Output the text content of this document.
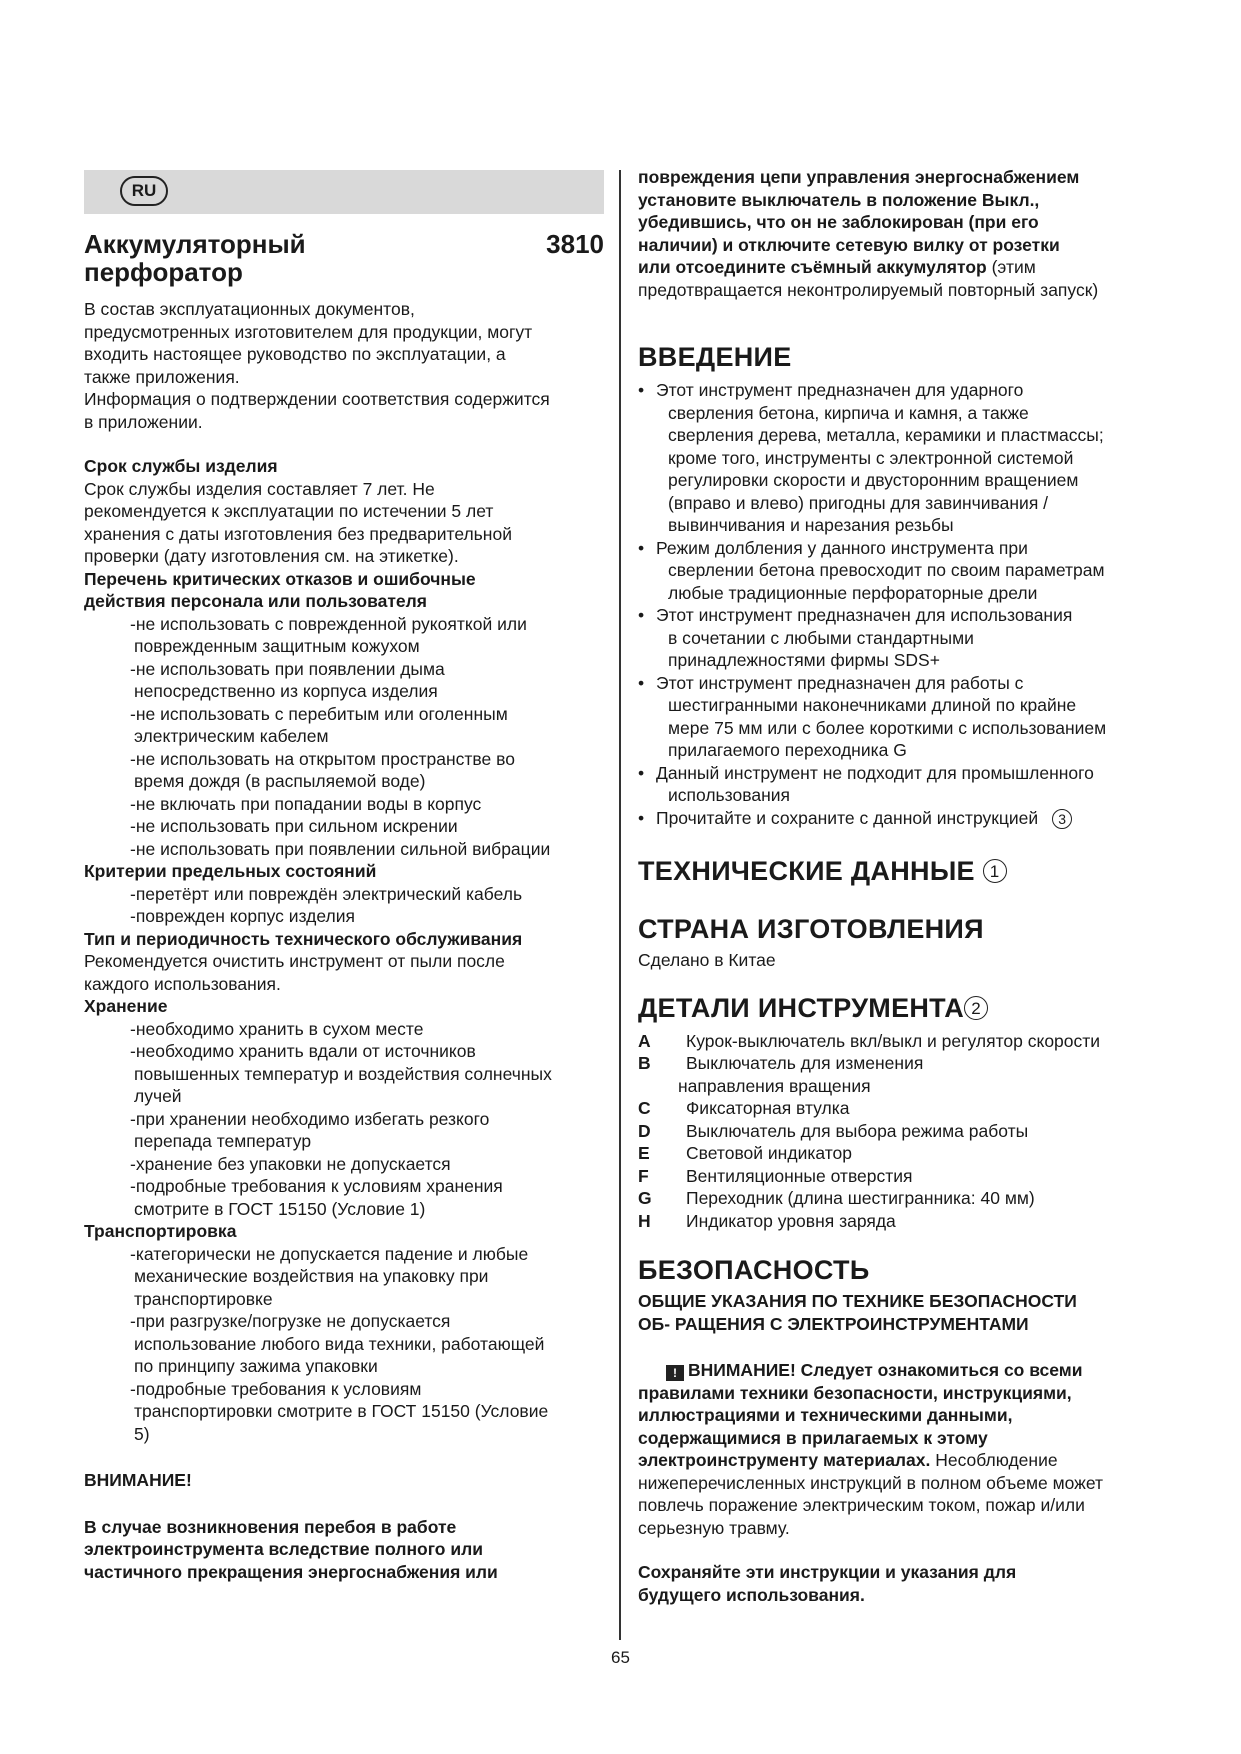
RU
Аккумуляторный
перфоратор
3810

В состав эксплуатационных документов,

предусмотренных изготовителем для продукции, могут

входить настоящее руководство по эксплуатации, а

также приложения.

Информация о подтверждении соответствия содержится

в приложении.

Срок службы изделия

Срок службы изделия составляет 7 лет. Не

рекомендуется к эксплуатации по истечении 5 лет

хранения с даты изготовления без предварительной

проверки (дату изготовления см. на этикетке).

Перечень критических отказов и ошибочные
действия персонала или пользователя
-не использовать с поврежденной рукояткой или
поврежденным защитным кожухом
-не использовать при появлении дыма
непосредственно из корпуса изделия
-не использовать с перебитым или оголенным
электрическим кабелем
-не использовать на открытом пространстве во
время дождя (в распыляемой воде)
-не включать при попадании воды в корпус
-не использовать при сильном искрении
-не использовать при появлении сильной вибрации
Критерии предельных состояний
-перетёрт или повреждён электрический кабель
-поврежден корпус изделия
Тип и периодичность технического обслуживания

Рекомендуется очистить инструмент от пыли после

каждого использования.

Хранение
-необходимо хранить в сухом месте
-необходимо хранить вдали от источников
повышенных температур и воздействия солнечных
лучей
-при хранении необходимо избегать резкого
перепада температур
-хранение без упаковки не допускается
-подробные требования к условиям хранения
смотрите в ГОСТ 15150 (Условие 1)
Транспортировка
-категорически не допускается падение и любые
механические воздействия на упаковку при
транспортировке
-при разгрузке/погрузке не допускается
использование любого вида техники, работающей
по принципу зажима упаковки
-подробные требования к условиям
транспортировки смотрите в ГОСТ 15150 (Условие
5)
ВНИМАНИЕ!

В случае возникновения перебоя в работе

электроинструмента вследствие полного или

частичного прекращения энергоснабжения или

повреждения цепи управления энергоснабжением

установите выключатель в положение Выкл.,

убедившись, что он не заблокирован (при его

наличии) и отключите сетевую вилку от розетки

или отсоедините съёмный аккумулятор (этим

предотвращается неконтролируемый повторный запуск)

ВВЕДЕНИЕ
• Этот инструмент предназначен для ударного
сверления бетона, кирпича и камня, а также
сверления дерева, металла, керамики и пластмассы;
кроме того, инструменты с электронной системой
регулировки скорости и двусторонним вращением
(вправо и влево) пригодны для завинчивания /
вывинчивания и нарезания резьбы
• Режим долбления у данного инструмента при
сверлении бетона превосходит по своим параметрам
любые традиционные перфораторные дрели
• Этот инструмент предназначен для использования
в сочетании с любыми стандартными
принадлежностями фирмы SDS+
• Этот инструмент предназначен для работы с
шестигранными наконечниками длиной по крайне
мере 75 мм или с более короткими с использованием
прилагаемого переходника G
• Данный инструмент не подходит для промышленного
использования
• Прочитайте и сохраните с данной инструкцией 3
ТЕХНИЧЕСКИЕ ДАННЫЕ 1
СТРАНА ИЗГОТОВЛЕНИЯ

Сделано в Китае

ДЕТАЛИ ИНСТРУМЕНТА 2
A	Курок-выключатель вкл/выкл и регулятор скорости
B	Выключатель для изменения
направления вращения
C	Фиксаторная втулка
D	Выключатель для выбора режима работы
E	Световой индикатор
F	Вентиляционные отверстия
G	Переходник (длина шестигранника: 40 мм)
H	Индикатор уровня заряда
БЕЗОПАСНОСТЬ
ОБЩИЕ УКАЗАНИЯ ПО ТЕХНИКЕ БЕЗОПАСНОСТИ
ОБ- РАЩЕНИЯ С ЭЛЕКТРОИНСТРУМЕНТАМИ

! ВНИМАНИЕ! Следует ознакомиться со всеми

правилами техники безопасности, инструкциями,

иллюстрациями и техническими данными,

содержащимися в прилагаемых к этому

электроинструменту материалах. Несоблюдение

нижеперечисленных инструкций в полном объеме может

повлечь поражение электрическим током, пожар и/или

серьезную травму.

Сохраняйте эти инструкции и указания для

будущего использования.

65
